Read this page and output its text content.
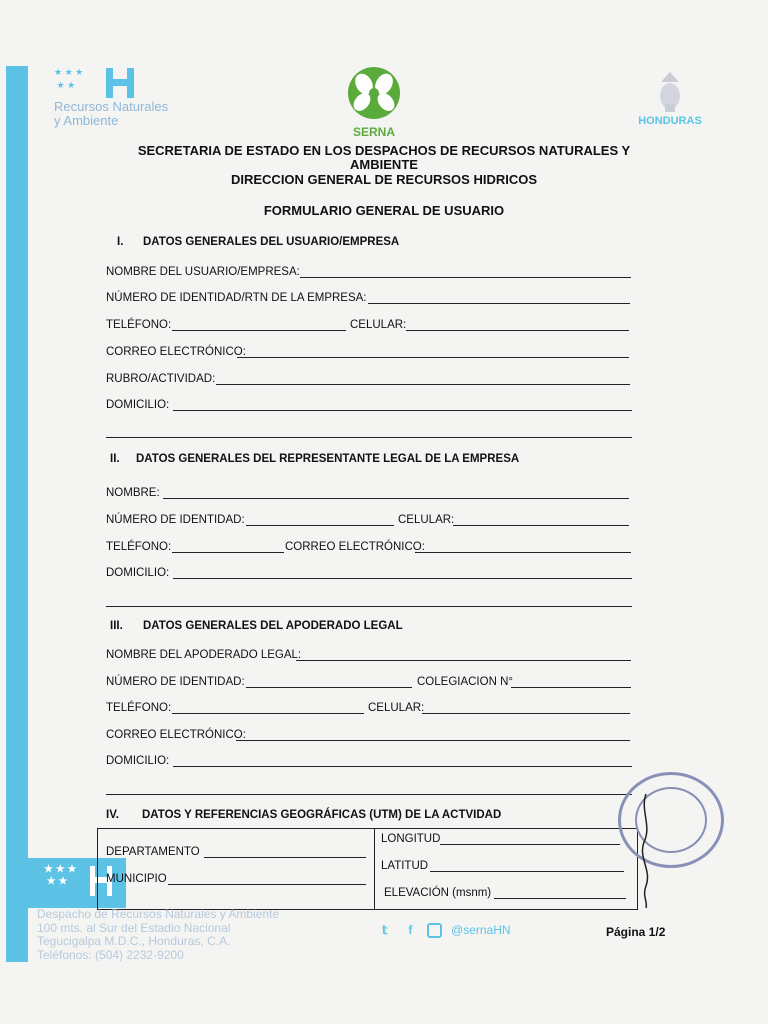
★ ★ ★
★ ★
★ ★ ★
★ ★
Recursos Naturales
y Ambiente
SERNA
HONDURAS
SECRETARIA DE ESTADO EN LOS DESPACHOS DE RECURSOS NATURALES Y
AMBIENTE
DIRECCION GENERAL DE RECURSOS HIDRICOS
FORMULARIO GENERAL DE USUARIO
I. DATOS GENERALES DEL USUARIO/EMPRESA
NOMBRE DEL USUARIO/EMPRESA:
NÚMERO DE IDENTIDAD/RTN DE LA EMPRESA:
TELÉFONO:	CELULAR:
CORREO ELECTRÓNICO:
RUBRO/ACTIVIDAD:
DOMICILIO:
II. DATOS GENERALES DEL REPRESENTANTE LEGAL DE LA EMPRESA
NOMBRE:
NÚMERO DE IDENTIDAD:	CELULAR:
TELÉFONO:	CORREO ELECTRÓNICO:
DOMICILIO:
III. DATOS GENERALES DEL APODERADO LEGAL
NOMBRE DEL APODERADO LEGAL:
NÚMERO DE IDENTIDAD:	COLEGIACION N°
TELÉFONO:	CELULAR:
CORREO ELECTRÓNICO:
DOMICILIO:
IV. DATOS Y REFERENCIAS GEOGRÁFICAS (UTM) DE LA ACTVIDAD
DEPARTAMENTO
MUNICIPIO
LONGITUD
LATITUD
ELEVACIÓN (msnm)
Despacho de Recursos Naturales y Ambiente
100 mts. al Sur del Estadio Nacional
Tegucigalpa M.D.C., Honduras, C.A.
Teléfonos: (504) 2232-9200
𝕥 f	@sernaHN	Página 1/2
